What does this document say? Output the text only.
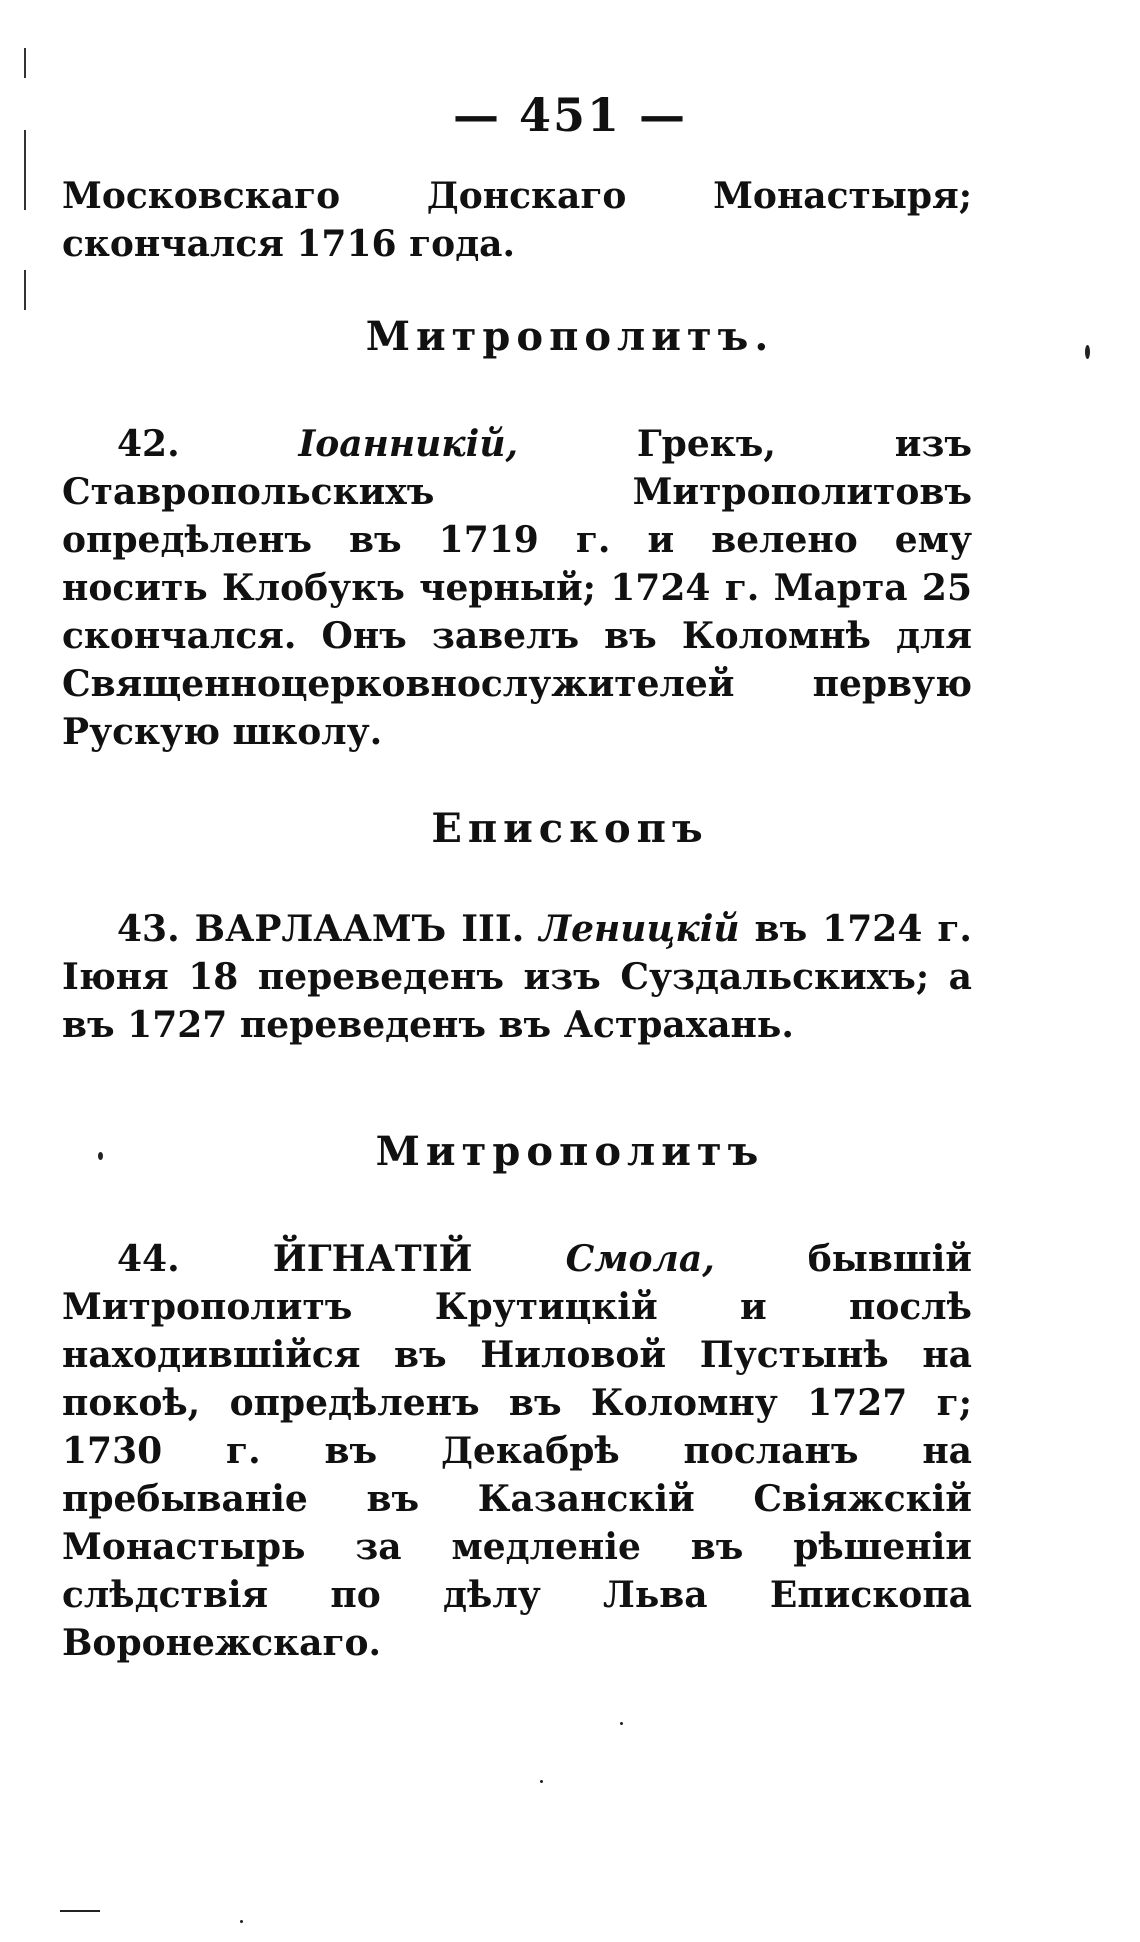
— 451 —

Московскаго Донскаго Монастыря; скончался 1716 года.

Митрополитъ.

42.	Іоанникій, Грекъ, изъ Ставропольскихъ Митрополитовъ опредѣленъ въ 1719 г. и велено ему носить Клобукъ черный; 1724 г. Марта 25 скончался. Онъ завелъ въ Коломнѣ для Священноцерковнослужителей первую Рускую школу.

Епископъ

43. ВАРЛААМЪ III. Леницкій въ 1724 г. Іюня 18 переведенъ изъ Суздальскихъ; а въ 1727 переведенъ въ Астрахань.

Митрополитъ

44.	ЙГНАТІЙ	Смола, бывшій Митрополитъ Крутицкій и послѣ находившійся въ Ниловой Пустынѣ на покоѣ, опредѣленъ въ Коломну 1727 г; 1730 г. въ Декабрѣ посланъ на пребываніе въ Казанскій Свіяжскій Монастырь за медленіе въ рѣшеніи слѣдствія по дѣлу Льва Епископа Воронежскаго.
